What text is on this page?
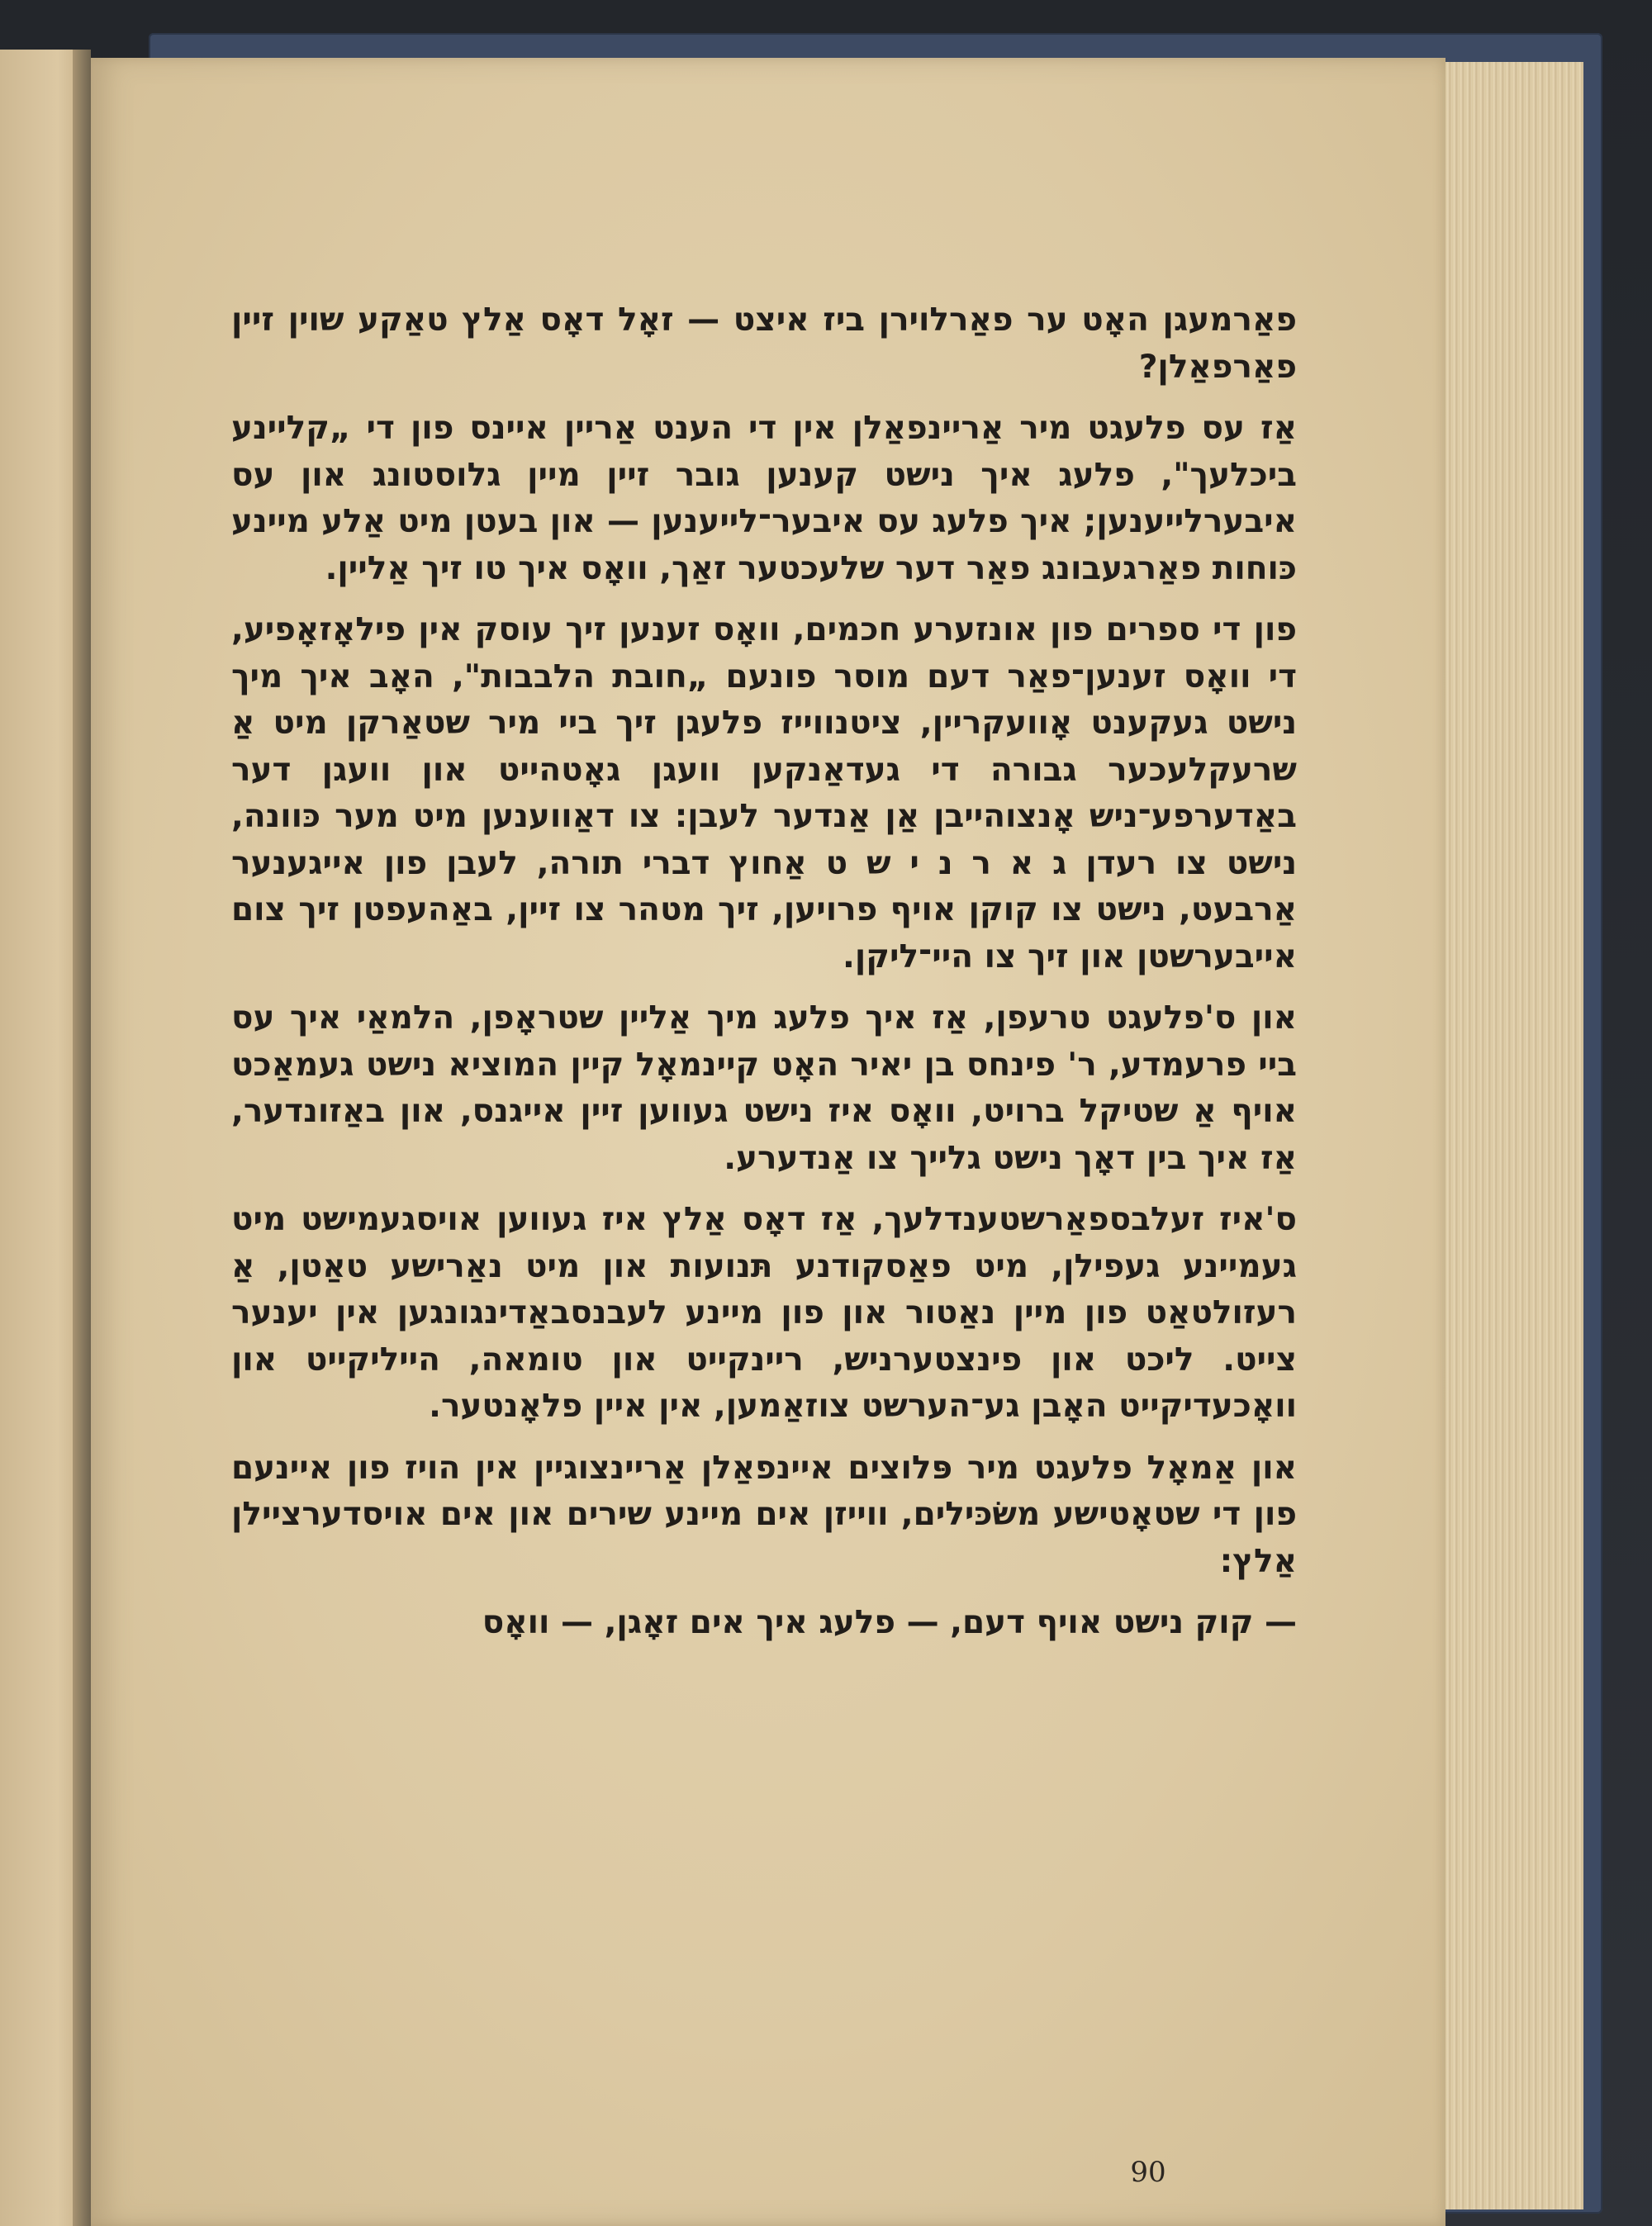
פאַרמעגן האָט ער פאַרלוירן ביז איצט — זאָל דאָס אַלץ טאַקע שוין זיין פאַרפאַלן?

אַז עס פלעגט מיר אַריינפאַלן אין די הענט אַריין איינס פון די „קליינע ביכלעך", פלעג איך נישט קענען גובר זיין מיין גלוסטונג און עס איבערלייענען; איך פלעג עס איבער־לייענען — און בעטן מיט אַלע מיינע כּוחות פאַרגעבונג פאַר דער שלעכטער זאַך, וואָס איך טו זיך אַליין.

פון די ספרים פון אונזערע חכמים, וואָס זענען זיך עוסק אין פילאָזאָפיע, די וואָס זענען־פאַר דעם מוסר פונעם „חובת הלבבות", האָב איך מיך נישט געקענט אָוועקריין, ציטנווייז פלעגן זיך ביי מיר שטאַרקן מיט אַ שרעקלעכער גבורה די געדאַנקען וועגן גאָטהייט און וועגן דער באַדערפע־ניש אָנצוהייבן אַן אַנדער לעבן: צו דאַווענען מיט מער כּוונה, נישט צו רעדן ג א ר נ י ש ט אַחוץ דברי תורה, לעבן פון אייגענער אַרבעט, נישט צו קוקן אויף פרויען, זיך מטהר צו זיין, באַהעפטן זיך צום אייבערשטן און זיך צו היי־ליקן.

און ס'פלעגט טרעפן, אַז איך פלעג מיך אַליין שטראָפן, הלמאַי איך עס ביי פרעמדע, ר' פינחס בן יאיר האָט קיינמאָל קיין המוציא נישט געמאַכט אויף אַ שטיקל ברויט, וואָס איז נישט געווען זיין אייגנס, און באַזונדער, אַז איך בין דאָך נישט גלייך צו אַנדערע.

ס'איז זעלבספאַרשטענדלעך, אַז דאָס אַלץ איז געווען אויסגעמישט מיט געמיינע געפילן, מיט פאַסקודנע תּנועות און מיט נאַרישע טאַטן, אַ רעזולטאַט פון מיין נאַטור און פון מיינע לעבנסבאַדינגונגען אין יענער צייט. ליכט און פינצטערניש, ריינקייט און טומאה, הייליקייט און וואָכעדיקייט האָבן גע־הערשט צוזאַמען, אין איין פלאָנטער.

און אַמאָל פלעגט מיר פּלוצים איינפאַלן אַריינצוגיין אין הויז פון איינעם פון די שטאָטישע משׂכּילים, ווייזן אים מיינע שירים און אים אויסדערציילן אַלץ:

— קוק נישט אויף דעם, — פלעג איך אים זאָגן, — וואָס

90
